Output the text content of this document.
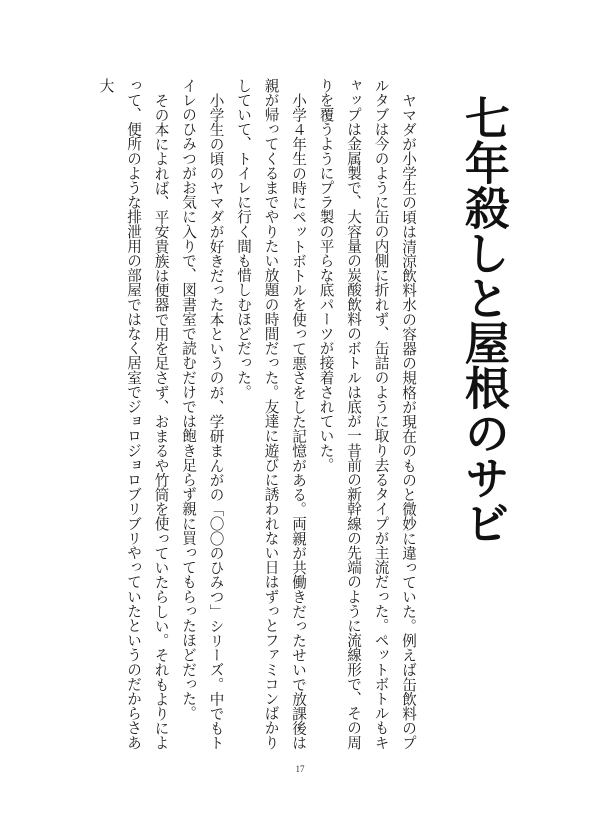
七年殺しと屋根のサビ

ヤマダが小学生の頃は清涼飲料水の容器の規格が現在のものと微妙に違っていた。例えば缶飲料のプルタブは今のように缶の内側に折れず、缶詰のように取り去るタイプが主流だった。ペットボトルもキャップは金属製で、大容量の炭酸飲料のボトルは底が一昔前の新幹線の先端のように流線形で、その周りを覆うようにプラ製の平らな底パーツが接着されていた。

小学４年生の時にペットボトルを使って悪さをした記憶がある。両親が共働きだったせいで放課後は親が帰ってくるまでやりたい放題の時間だった。友達に遊びに誘われない日はずっとファミコンばかりしていて、トイレに行く間も惜しむほどだった。

小学生の頃のヤマダが好きだった本というのが、学研まんがの「〇〇のひみつ」シリーズ。中でもトイレのひみつがお気に入りで、図書室で読むだけでは飽き足らず親に買ってもらったほどだった。

その本によれば、平安貴族は便器で用を足さず、おまるや竹筒を使っていたらしい。それもよりによって、便所のような排泄用の部屋ではなく居室でジョロジョロブリブリやっていたというのだからさあ大

17
